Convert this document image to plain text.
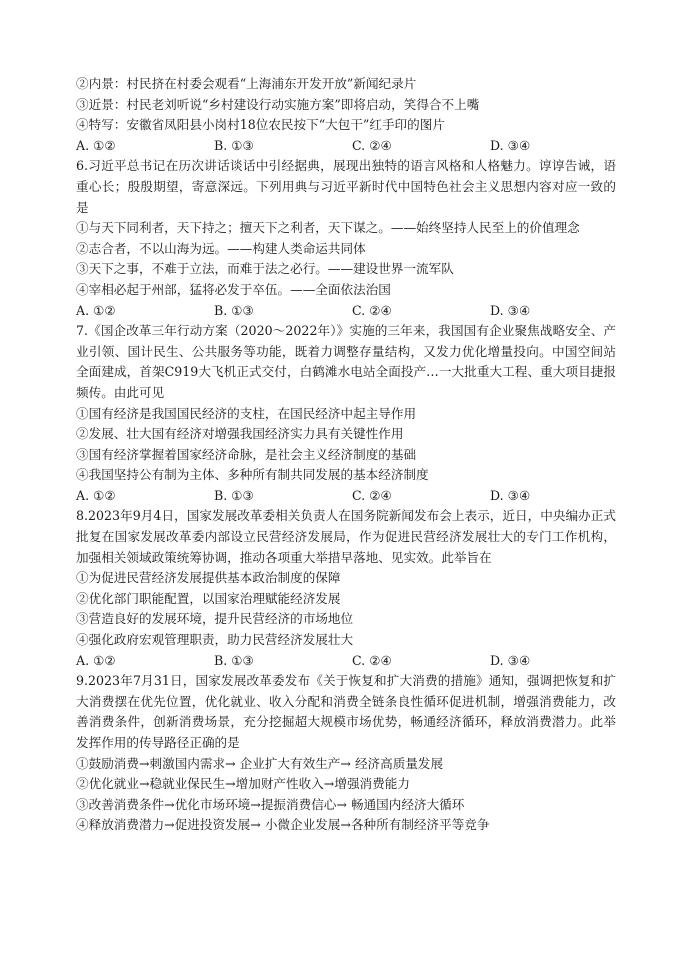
②内景：村民挤在村委会观看“上海浦东开发开放”新闻纪录片
③近景：村民老刘听说“乡村建设行动实施方案”即将启动，笑得合不上嘴
④特写：安徽省凤阳县小岗村18位农民按下“大包干”红手印的图片
A. ①②	B. ①③	C. ②④	D. ③④
6.习近平总书记在历次讲话谈话中引经据典，展现出独特的语言风格和人格魅力。谆谆告诫，语重心长；殷殷期望，寄意深远。下列用典与习近平新时代中国特色社会主义思想内容对应一致的是
①与天下同利者，天下持之；擅天下之利者，天下谋之。——始终坚持人民至上的价值理念
②志合者，不以山海为远。——构建人类命运共同体
③天下之事，不难于立法，而难于法之必行。——建设世界一流军队
④宰相必起于州部，猛将必发于卒伍。——全面依法治国
A. ①②	B. ①③	C. ②④	D. ③④
7.《国企改革三年行动方案（2020～2022年）》实施的三年来，我国国有企业聚焦战略安全、产业引领、国计民生、公共服务等功能，既着力调整存量结构，又发力优化增量投向。中国空间站全面建成，首架C919大飞机正式交付，白鹤滩水电站全面投产…一大批重大工程、重大项目捷报频传。由此可见
①国有经济是我国国民经济的支柱，在国民经济中起主导作用
②发展、壮大国有经济对增强我国经济实力具有关键性作用
③国有经济掌握着国家经济命脉，是社会主义经济制度的基础
④我国坚持公有制为主体、多种所有制共同发展的基本经济制度
A. ①②	B. ①③	C. ②④	D. ③④
8.2023年9月4日，国家发展改革委相关负责人在国务院新闻发布会上表示，近日，中央编办正式批复在国家发展改革委内部设立民营经济发展局，作为促进民营经济发展壮大的专门工作机构，加强相关领域政策统筹协调，推动各项重大举措早落地、见实效。此举旨在
①为促进民营经济发展提供基本政治制度的保障
②优化部门职能配置，以国家治理赋能经济发展
③营造良好的发展环境，提升民营经济的市场地位
④强化政府宏观管理职责，助力民营经济发展壮大
A. ①②	B. ①③	C. ②④	D. ③④
9.2023年7月31日，国家发展改革委发布《关于恢复和扩大消费的措施》通知，强调把恢复和扩大消费摆在优先位置，优化就业、收入分配和消费全链条良性循环促进机制，增强消费能力，改善消费条件，创新消费场景，充分挖掘超大规模市场优势，畅通经济循环，释放消费潜力。此举发挥作用的传导路径正确的是
①鼓励消费→刺激国内需求→ 企业扩大有效生产→ 经济高质量发展
②优化就业→稳就业保民生→增加财产性收入→增强消费能力
③改善消费条件→优化市场环境→提振消费信心→ 畅通国内经济大循环
④释放消费潜力→促进投资发展→ 小微企业发展→各种所有制经济平等竞争
